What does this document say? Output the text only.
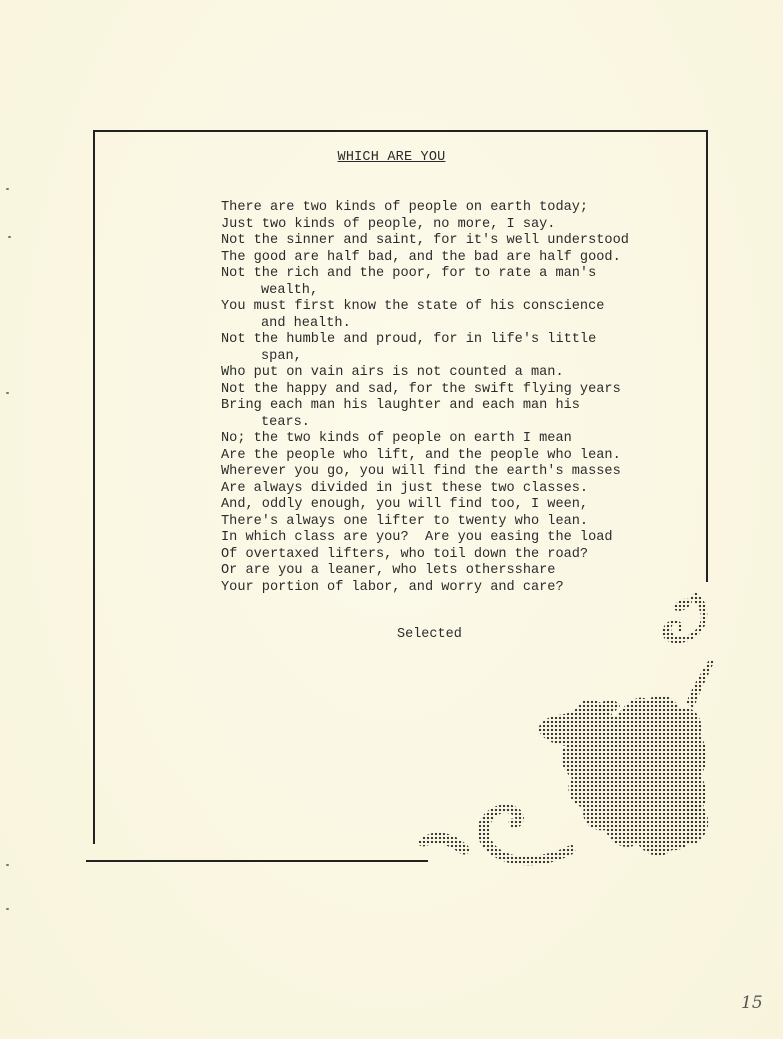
WHICH ARE YOU
There are two kinds of people on earth today;
Just two kinds of people, no more, I say.
Not the sinner and saint, for it's well understood
The good are half bad, and the bad are half good.
Not the rich and the poor, for to rate a man's
wealth,
You must first know the state of his conscience
and health.
Not the humble and proud, for in life's little
span,
Who put on vain airs is not counted a man.
Not the happy and sad, for the swift flying years
Bring each man his laughter and each man his
tears.
No; the two kinds of people on earth I mean
Are the people who lift, and the people who lean.
Wherever you go, you will find the earth's masses
Are always divided in just these two classes.
And, oddly enough, you will find too, I ween,
There's always one lifter to twenty who lean.
In which class are you?  Are you easing the load
Of overtaxed lifters, who toil down the road?
Or are you a leaner, who lets othersshare
Your portion of labor, and worry and care?
Selected
15
